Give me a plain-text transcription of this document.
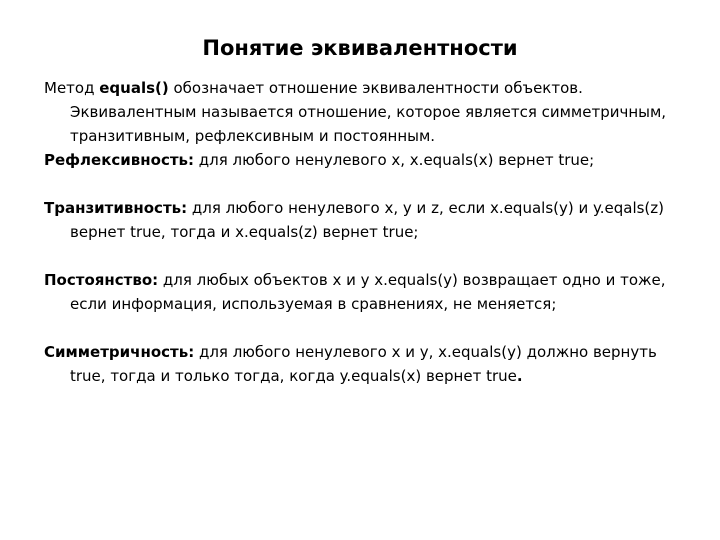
Понятие эквивалентности

Метод equals() обозначает отношение эквивалентности объектов. Эквивалентным называется отношение, которое является симметричным, транзитивным, рефлексивным и постоянным.

Рефлексивность: для любого ненулевого x, x.equals(x) вернет true;

Транзитивность: для любого ненулевого x, y и z, если x.equals(y) и y.eqals(z) вернет true, тогда и x.equals(z) вернет true;

Постоянство: для любых объектов x и y x.equals(y) возвращает одно и тоже, если информация, используемая в сравнениях, не меняется;

Симметричность: для любого ненулевого x и y, x.equals(y) должно вернуть true, тогда и только тогда, когда y.equals(x) вернет true.
